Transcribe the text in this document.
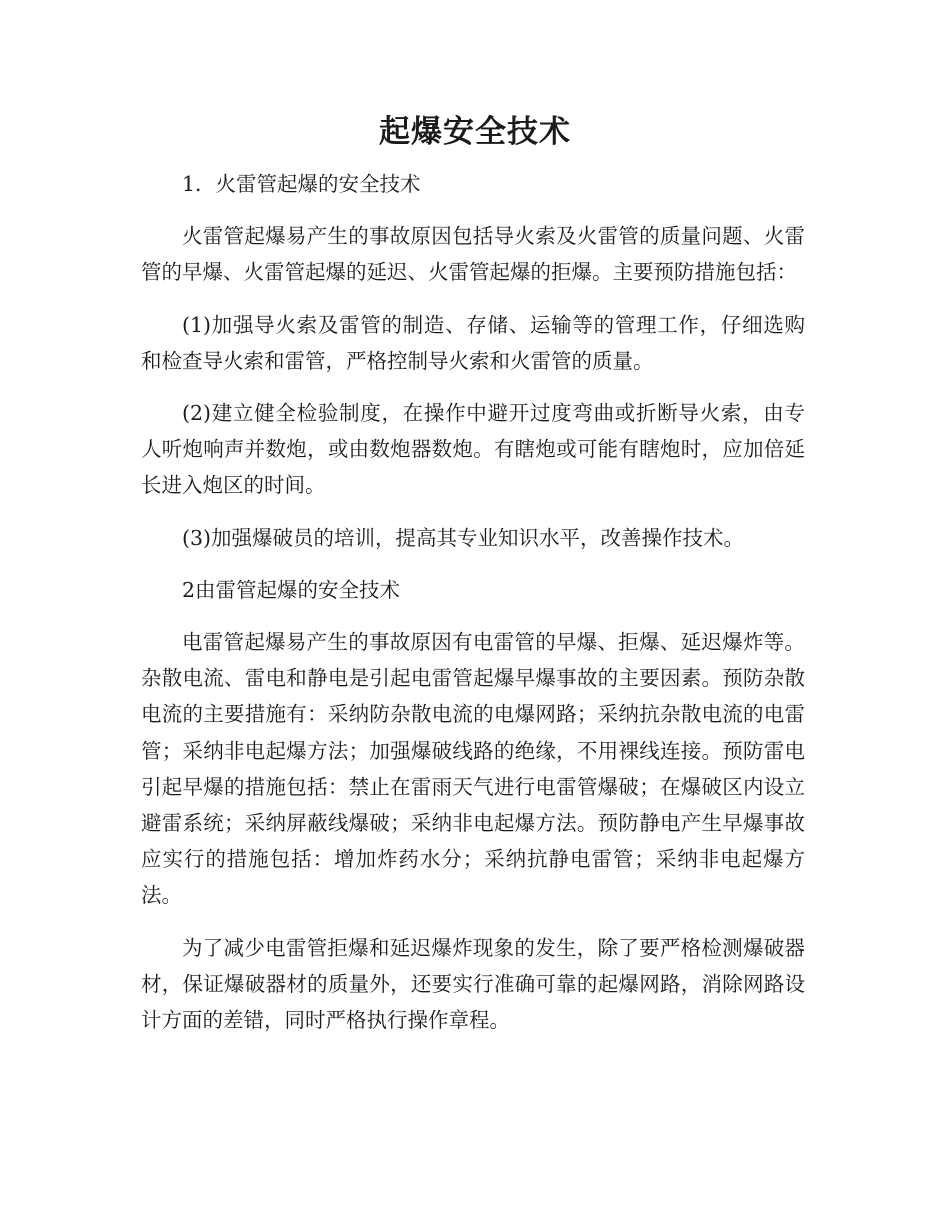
起爆安全技术

1．火雷管起爆的安全技术

火雷管起爆易产生的事故原因包括导火索及火雷管的质量问题、火雷管的早爆、火雷管起爆的延迟、火雷管起爆的拒爆。主要预防措施包括：

(1)加强导火索及雷管的制造、存储、运输等的管理工作，仔细选购和检查导火索和雷管，严格控制导火索和火雷管的质量。

(2)建立健全检验制度，在操作中避开过度弯曲或折断导火索，由专人听炮响声并数炮，或由数炮器数炮。有瞎炮或可能有瞎炮时，应加倍延长进入炮区的时间。

(3)加强爆破员的培训，提高其专业知识水平，改善操作技术。

2由雷管起爆的安全技术

电雷管起爆易产生的事故原因有电雷管的早爆、拒爆、延迟爆炸等。杂散电流、雷电和静电是引起电雷管起爆早爆事故的主要因素。预防杂散电流的主要措施有：采纳防杂散电流的电爆网路；采纳抗杂散电流的电雷管；采纳非电起爆方法；加强爆破线路的绝缘，不用裸线连接。预防雷电引起早爆的措施包括：禁止在雷雨天气进行电雷管爆破；在爆破区内设立避雷系统；采纳屏蔽线爆破；采纳非电起爆方法。预防静电产生早爆事故应实行的措施包括：增加炸药水分；采纳抗静电雷管；采纳非电起爆方法。

为了减少电雷管拒爆和延迟爆炸现象的发生，除了要严格检测爆破器材，保证爆破器材的质量外，还要实行准确可靠的起爆网路，消除网路设计方面的差错，同时严格执行操作章程。
